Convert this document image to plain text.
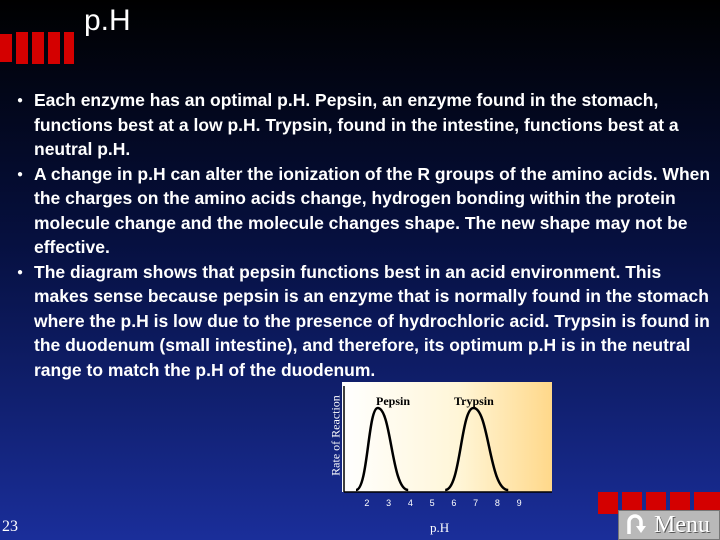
p.H
● Each enzyme has an optimal p.H. Pepsin, an enzyme found in the stomach, functions best at a low p.H. Trypsin, found in the intestine, functions best at a neutral p.H.
● A change in p.H can alter the ionization of the R groups of the amino acids. When the charges on the amino acids change, hydrogen bonding within the protein molecule change and the molecule changes shape. The new shape may not be effective.
● The diagram shows that pepsin functions best in an acid environment. This makes sense because pepsin is an enzyme that is normally found in the stomach where the p.H is low due to the presence of hydrochloric acid. Trypsin is found in the duodenum (small intestine), and therefore, its optimum p.H is in the neutral range to match the p.H of the duodenum.
Rate of Reaction	Pepsin	Trypsin
2	3	4	5	6	7	8	9
p.H
23	Menu
